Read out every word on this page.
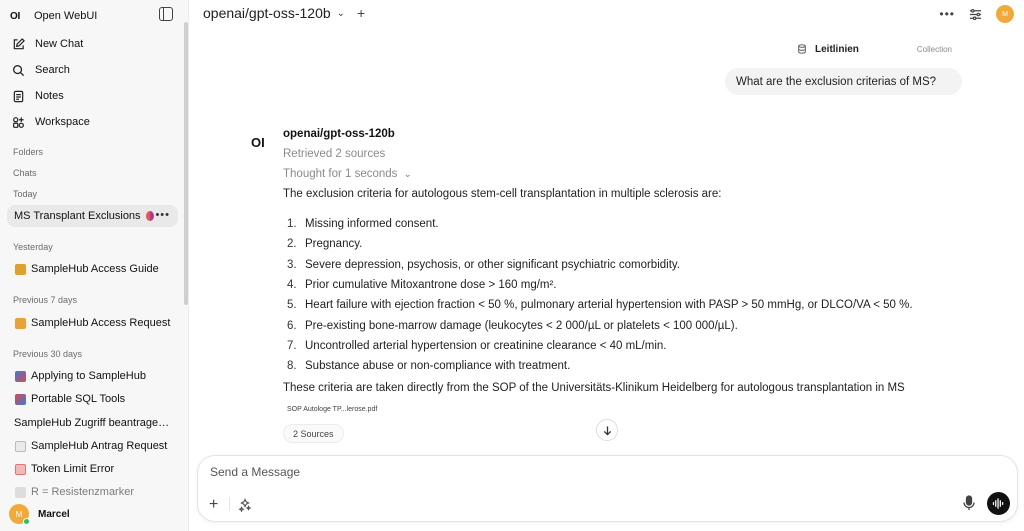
OI Open WebUI
New Chat
Search
Notes
Workspace
Folders
Chats
Today
MS Transplant Exclusions •••
Yesterday
SampleHub Access Guide
Previous 7 days
SampleHub Access Request
Previous 30 days
Applying to SampleHub
Portable SQL Tools
SampleHub Zugriff beantrage…
SampleHub Antrag Request
Token Limit Error
R = Resistenzmarker
M Marcel
openai/gpt-oss-120b ⌄ +	•••	M
Leitlinien	Collection
What are the exclusion criterias of MS?
OI
openai/gpt-oss-120b
Retrieved 2 sources
Thought for 1 seconds ⌄
The exclusion criteria for autologous stem-cell transplantation in multiple sclerosis are:
1. Missing informed consent.
2. Pregnancy.
3. Severe depression, psychosis, or other significant psychiatric comorbidity.
4. Prior cumulative Mitoxantrone dose > 160 mg/m².
5. Heart failure with ejection fraction < 50 %, pulmonary arterial hypertension with PASP > 50 mmHg, or DLCO/VA < 50 %.
6. Pre-existing bone-marrow damage (leukocytes < 2 000/µL or platelets < 100 000/µL).
7. Uncontrolled arterial hypertension or creatinine clearance < 40 mL/min.
8. Substance abuse or non-compliance with treatment.
These criteria are taken directly from the SOP of the Universitäts-Klinikum Heidelberg for autologous transplantation in MS
SOP Autologe TP...lerose.pdf
2 Sources
Send a Message
+
